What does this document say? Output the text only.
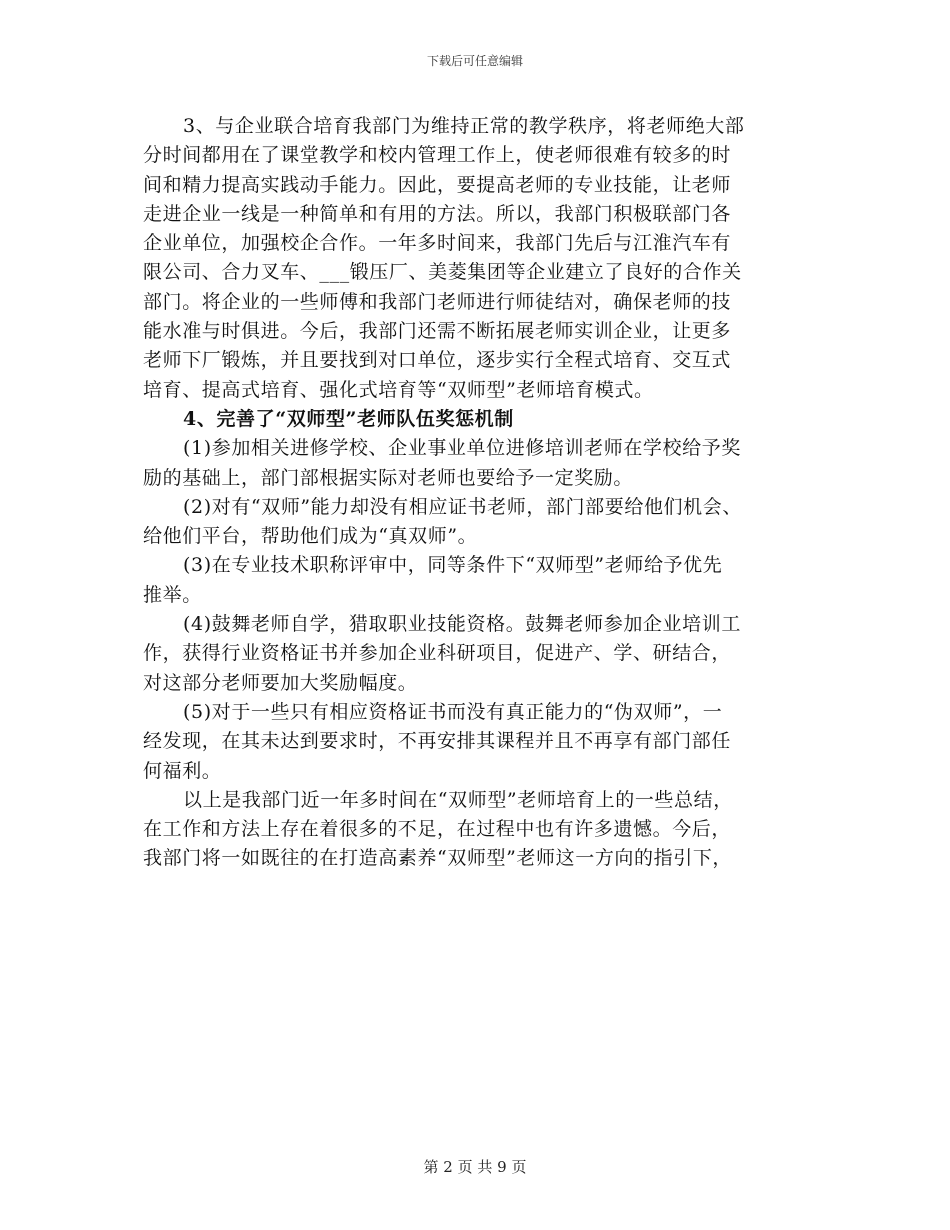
下载后可任意编辑
3、与企业联合培育我部门为维持正常的教学秩序，将老师绝大部
分时间都用在了课堂教学和校内管理工作上，使老师很难有较多的时
间和精力提高实践动手能力。因此，要提高老师的专业技能，让老师
走进企业一线是一种简单和有用的方法。所以，我部门积极联部门各
企业单位，加强校企合作。一年多时间来，我部门先后与江淮汽车有
限公司、合力叉车、___锻压厂、美菱集团等企业建立了良好的合作关
部门。将企业的一些师傅和我部门老师进行师徒结对，确保老师的技
能水准与时俱进。今后，我部门还需不断拓展老师实训企业，让更多
老师下厂锻炼，并且要找到对口单位，逐步实行全程式培育、交互式
培育、提高式培育、强化式培育等“双师型”老师培育模式。
4、完善了“双师型”老师队伍奖惩机制
(1)参加相关进修学校、企业事业单位进修培训老师在学校给予奖
励的基础上，部门部根据实际对老师也要给予一定奖励。
(2)对有“双师”能力却没有相应证书老师，部门部要给他们机会、
给他们平台，帮助他们成为“真双师”。
(3)在专业技术职称评审中，同等条件下“双师型”老师给予优先
推举。
(4)鼓舞老师自学，猎取职业技能资格。鼓舞老师参加企业培训工
作，获得行业资格证书并参加企业科研项目，促进产、学、研结合，
对这部分老师要加大奖励幅度。
(5)对于一些只有相应资格证书而没有真正能力的“伪双师”，一
经发现，在其未达到要求时，不再安排其课程并且不再享有部门部任
何福利。
以上是我部门近一年多时间在“双师型”老师培育上的一些总结，
在工作和方法上存在着很多的不足，在过程中也有许多遗憾。今后，
我部门将一如既往的在打造高素养“双师型”老师这一方向的指引下，
第 2 页 共 9 页
